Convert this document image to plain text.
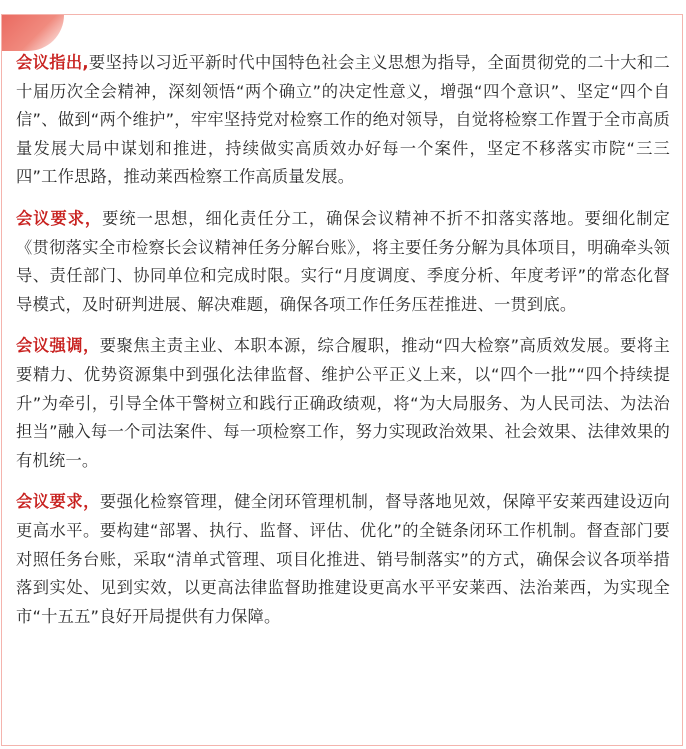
会议指出,要坚持以习近平新时代中国特色社会主义思想为指导，全面贯彻党的二十大和二十届历次全会精神，深刻领悟“两个确立”的决定性意义，增强“四个意识”、坚定“四个自信”、做到“两个维护”，牢牢坚持党对检察工作的绝对领导，自觉将检察工作置于全市高质量发展大局中谋划和推进，持续做实高质效办好每一个案件，坚定不移落实市院“三三四”工作思路，推动莱西检察工作高质量发展。

会议要求，要统一思想，细化责任分工，确保会议精神不折不扣落实落地。要细化制定《贯彻落实全市检察长会议精神任务分解台账》，将主要任务分解为具体项目，明确牵头领导、责任部门、协同单位和完成时限。实行“月度调度、季度分析、年度考评”的常态化督导模式，及时研判进展、解决难题，确保各项工作任务压茬推进、一贯到底。

会议强调，要聚焦主责主业、本职本源，综合履职，推动“四大检察”高质效发展。要将主要精力、优势资源集中到强化法律监督、维护公平正义上来，以“四个一批”“四个持续提升”为牵引，引导全体干警树立和践行正确政绩观，将“为大局服务、为人民司法、为法治担当”融入每一个司法案件、每一项检察工作，努力实现政治效果、社会效果、法律效果的有机统一。

会议要求，要强化检察管理，健全闭环管理机制，督导落地见效，保障平安莱西建设迈向更高水平。要构建“部署、执行、监督、评估、优化”的全链条闭环工作机制。督查部门要对照任务台账，采取“清单式管理、项目化推进、销号制落实”的方式，确保会议各项举措落到实处、见到实效，以更高法律监督助推建设更高水平平安莱西、法治莱西，为实现全市“十五五”良好开局提供有力保障。
